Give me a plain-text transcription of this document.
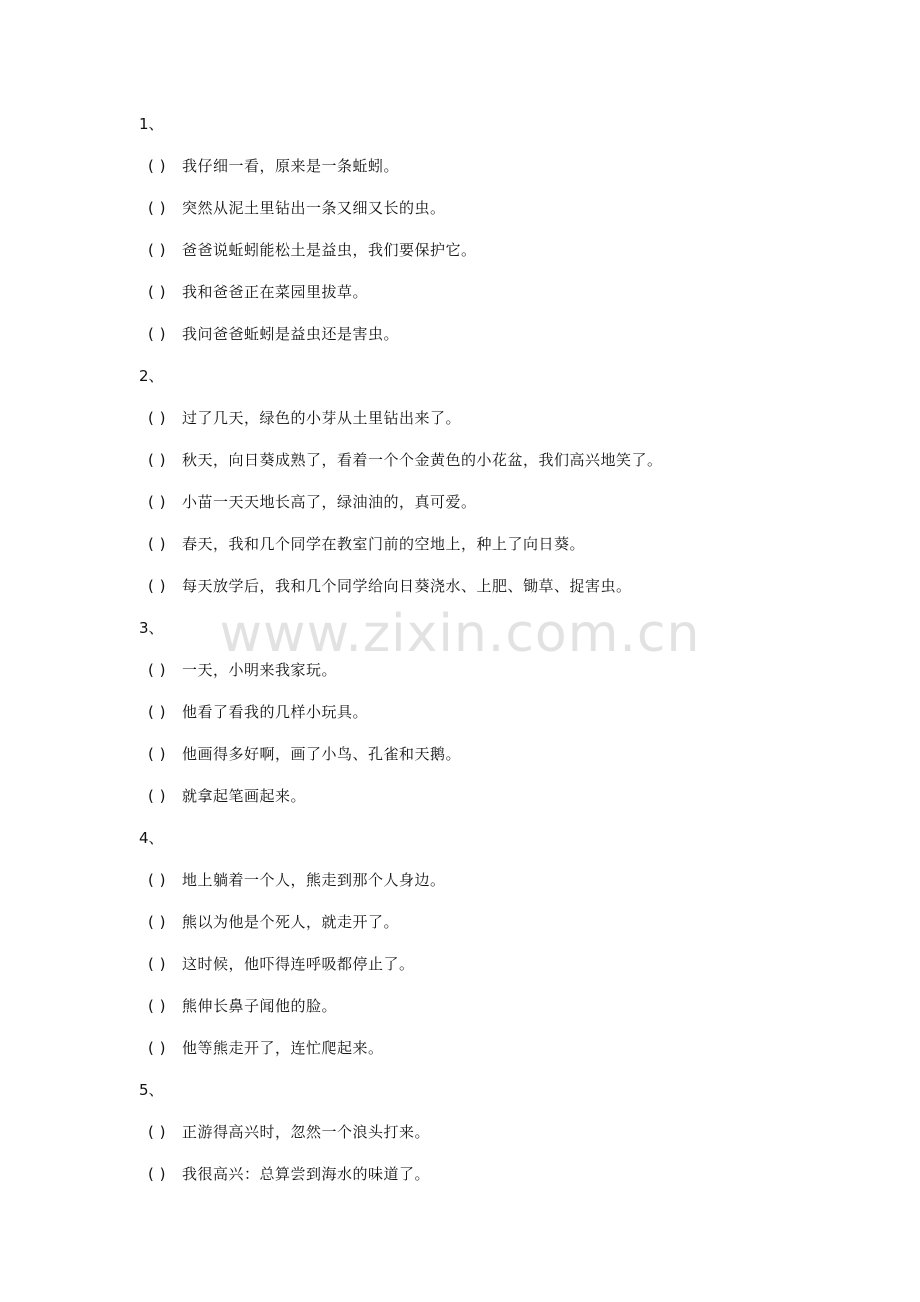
1、
( ) 我仔细一看，原来是一条蚯蚓。
( ) 突然从泥土里钻出一条又细又长的虫。
( ) 爸爸说蚯蚓能松土是益虫，我们要保护它。
( ) 我和爸爸正在菜园里拔草。
( ) 我问爸爸蚯蚓是益虫还是害虫。
2、
( ) 过了几天，绿色的小芽从土里钻出来了。
( ) 秋天，向日葵成熟了，看着一个个金黄色的小花盆，我们高兴地笑了。
( ) 小苗一天天地长高了，绿油油的，真可爱。
( ) 春天，我和几个同学在教室门前的空地上，种上了向日葵。
( ) 每天放学后，我和几个同学给向日葵浇水、上肥、锄草、捉害虫。
3、
( ) 一天，小明来我家玩。
( ) 他看了看我的几样小玩具。
( ) 他画得多好啊，画了小鸟、孔雀和天鹅。
( ) 就拿起笔画起来。
4、
( ) 地上躺着一个人，熊走到那个人身边。
( ) 熊以为他是个死人，就走开了。
( ) 这时候，他吓得连呼吸都停止了。
( ) 熊伸长鼻子闻他的脸。
( ) 他等熊走开了，连忙爬起来。
5、
( ) 正游得高兴时，忽然一个浪头打来。
( ) 我很高兴：总算尝到海水的味道了。
www.zixin.com.cn
